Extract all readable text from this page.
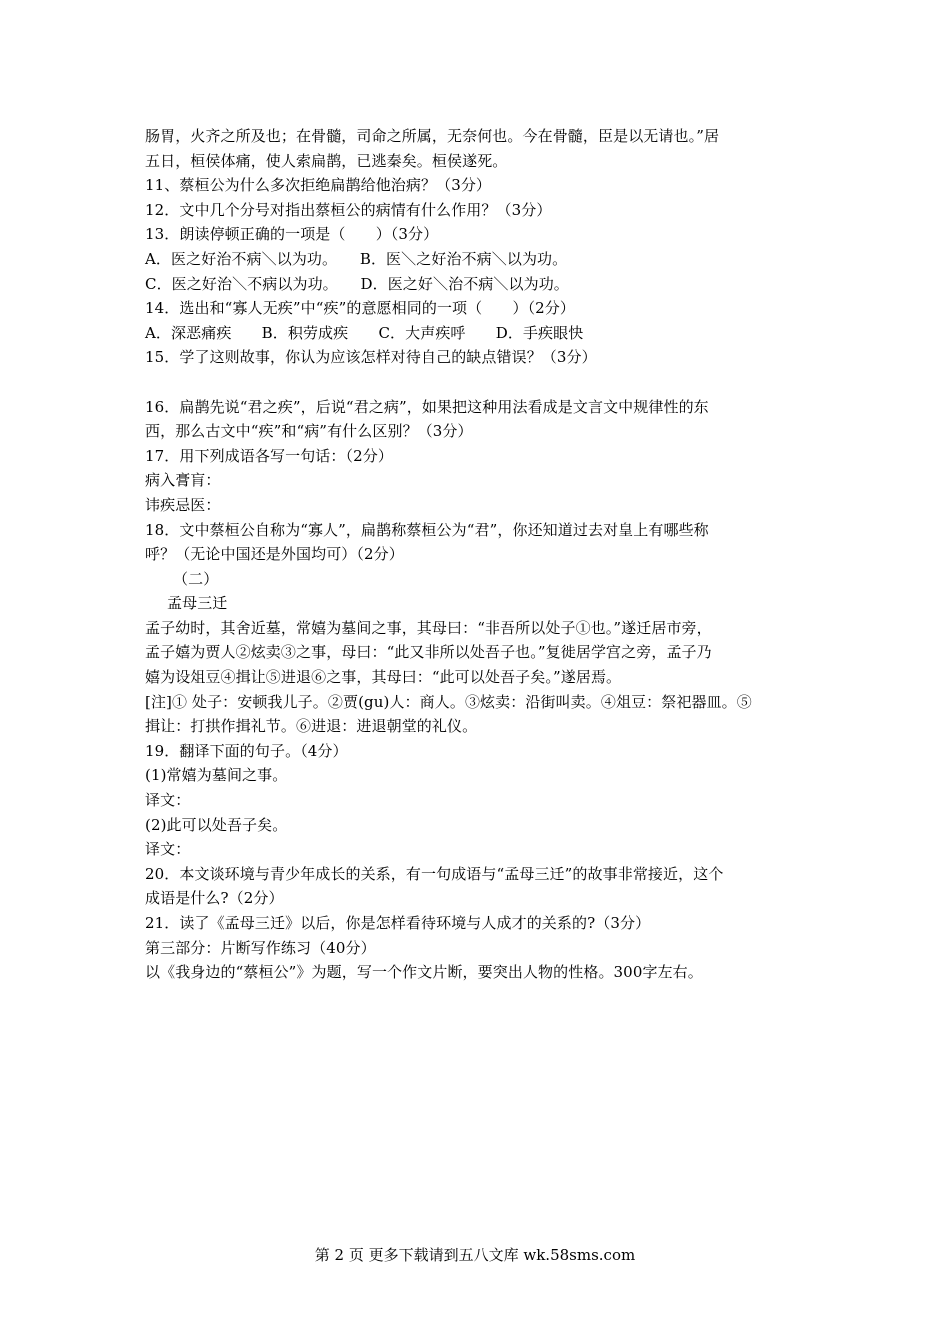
肠胃，火齐之所及也；在骨髓，司命之所属，无奈何也。今在骨髓，臣是以无请也。”居
五日，桓侯体痛，使人索扁鹊，已逃秦矣。桓侯遂死。
11、蔡桓公为什么多次拒绝扁鹊给他治病？（3分）
12．文中几个分号对指出蔡桓公的病情有什么作用？（3分）
13．朗读停顿正确的一项是（　　）（3分）
A．医之好治不病＼以为功。　　B．医＼之好治不病＼以为功。
C．医之好治＼不病以为功。　　D．医之好＼治不病＼以为功。
14．选出和“寡人无疾”中“疾”的意愿相同的一项（　　）（2分）
A．深恶痛疾　　B．积劳成疾　　C．大声疾呼　　D．手疾眼快
15．学了这则故事，你认为应该怎样对待自己的缺点错误？（3分）
16．扁鹊先说“君之疾”，后说“君之病”，如果把这种用法看成是文言文中规律性的东
西，那么古文中“疾”和“病”有什么区别？（3分）
17．用下列成语各写一句话：（2分）
病入膏肓：
讳疾忌医：
18．文中蔡桓公自称为“寡人”，扁鹊称蔡桓公为“君”，你还知道过去对皇上有哪些称
呼？（无论中国还是外国均可）（2分）
（二）
孟母三迁
孟子幼时，其舍近墓，常嬉为墓间之事，其母曰：“非吾所以处子①也。”遂迁居市旁，
孟子嬉为贾人②炫卖③之事，母曰：“此又非所以处吾子也。”复徙居学宫之旁，孟子乃
嬉为设俎豆④揖让⑤进退⑥之事，其母曰：“此可以处吾子矣。”遂居焉。
[注]① 处子：安顿我儿子。②贾(gu)人：商人。③炫卖：沿街叫卖。④俎豆：祭祀器皿。⑤
揖让：打拱作揖礼节。⑥进退：进退朝堂的礼仪。
19．翻译下面的句子。（4分）
(1)常嬉为墓间之事。
译文：
(2)此可以处吾子矣。
译文：
20．本文谈环境与青少年成长的关系，有一句成语与“孟母三迁”的故事非常接近，这个
成语是什么?（2分）
21．读了《孟母三迁》以后，你是怎样看待环境与人成才的关系的?（3分）
第三部分：片断写作练习（40分）
以《我身边的“蔡桓公”》为题，写一个作文片断，要突出人物的性格。300字左右。
第 2 页 更多下载请到五八文库 wk.58sms.com
